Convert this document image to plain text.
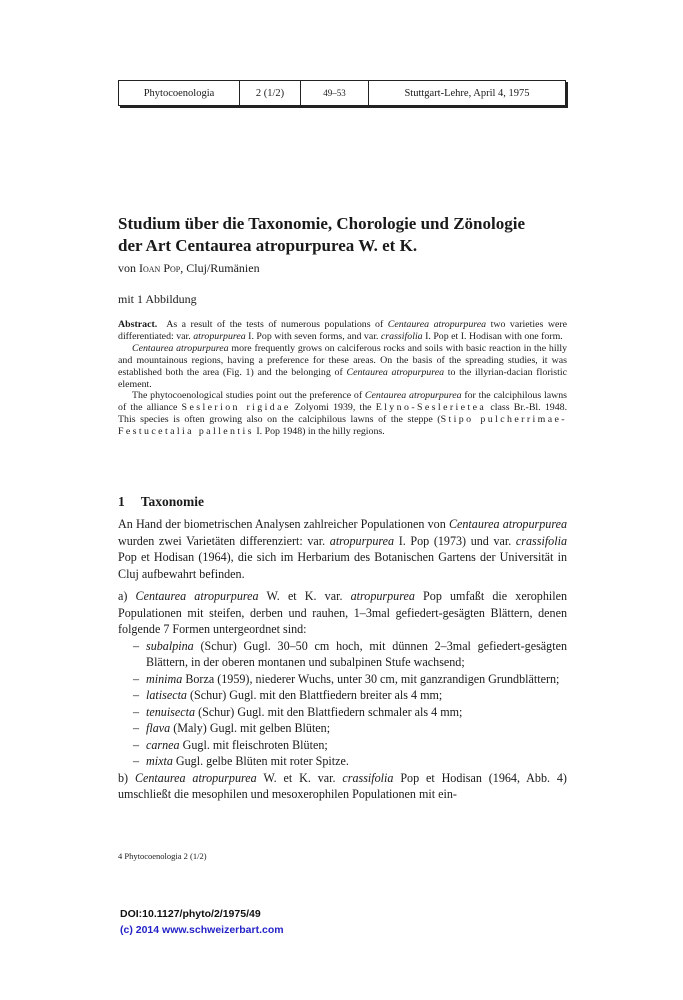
Phytocoenologia	2 (1/2)	49–53	Stuttgart-Lehre, April 4, 1975
Studium über die Taxonomie, Chorologie und Zönologie
der Art Centaurea atropurpurea W. et K.
von Ioan Pop, Cluj/Rumänien
mit 1 Abbildung

Abstract. As a result of the tests of numerous populations of Centaurea atropurpurea two varieties were differentiated: var. atropurpurea I. Pop with seven forms, and var. crassifolia I. Pop et I. Hodisan with one form.

Centaurea atropurpurea more frequently grows on calciferous rocks and soils with basic reaction in the hilly and mountainous regions, having a preference for these areas. On the basis of the spreading studies, it was established both the area (Fig. 1) and the belonging of Centaurea atropurpurea to the illyrian-dacian floristic element.

The phytocoenological studies point out the preference of Centaurea atropurpurea for the calciphilous lawns of the alliance Seslerion rigidae Zolyomi 1939, the Elyno-Seslerietea class Br.-Bl. 1948. This species is often growing also on the calciphilous lawns of the steppe (Stipo pulcherrimae-Festucetalia pallentis I. Pop 1948) in the hilly regions.

1 Taxonomie

An Hand der biometrischen Analysen zahlreicher Populationen von Centaurea atropurpurea wurden zwei Varietäten differenziert: var. atropurpurea I. Pop (1973) und var. crassifolia Pop et Hodisan (1964), die sich im Herbarium des Botanischen Gartens der Universität in Cluj aufbewahrt befinden.

a) Centaurea atropurpurea W. et K. var. atropurpurea Pop umfaßt die xerophilen Populationen mit steifen, derben und rauhen, 1–3mal gefiedert-gesägten Blättern, denen folgende 7 Formen untergeordnet sind:

– subalpina (Schur) Gugl. 30–50 cm hoch, mit dünnen 2–3mal gefiedert-gesägten Blättern, in der oberen montanen und subalpinen Stufe wachsend;
– minima Borza (1959), niederer Wuchs, unter 30 cm, mit ganzrandigen Grundblättern;
– latisecta (Schur) Gugl. mit den Blattfiedern breiter als 4 mm;
– tenuisecta (Schur) Gugl. mit den Blattfiedern schmaler als 4 mm;
– flava (Maly) Gugl. mit gelben Blüten;
– carnea Gugl. mit fleischroten Blüten;
– mixta Gugl. gelbe Blüten mit roter Spitze.

b) Centaurea atropurpurea W. et K. var. crassifolia Pop et Hodisan (1964, Abb. 4) umschließt die mesophilen und mesoxerophilen Populationen mit ein-

4 Phytocoenologia 2 (1/2)
DOI:10.1127/phyto/2/1975/49
(c) 2014 www.schweizerbart.com
